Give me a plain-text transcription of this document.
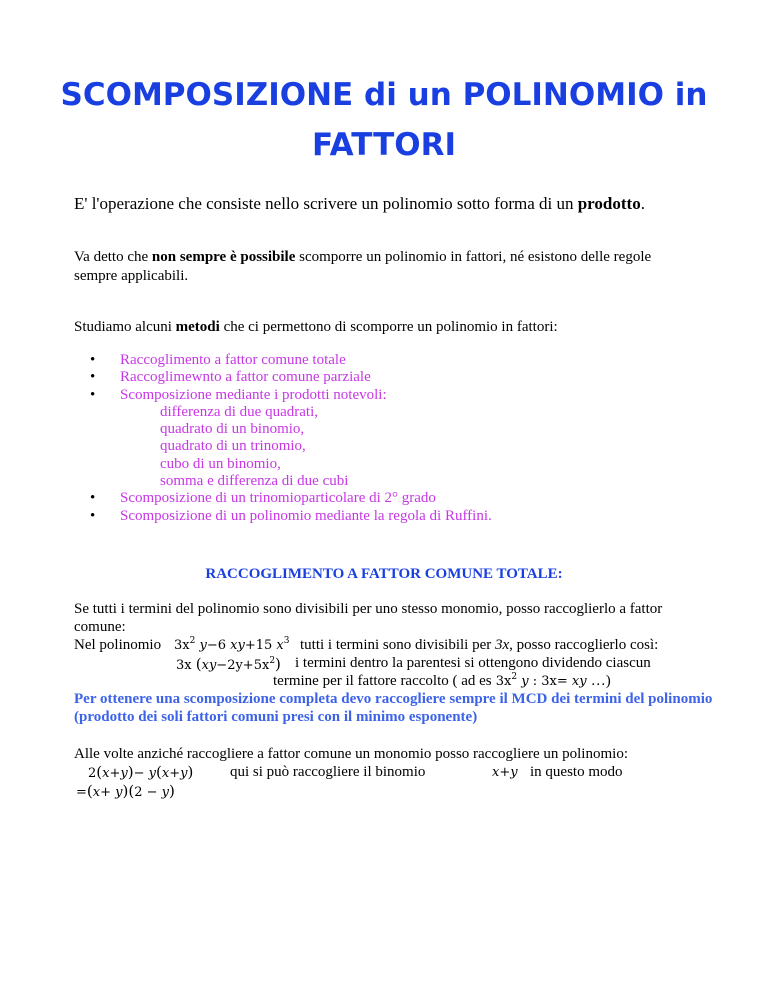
SCOMPOSIZIONE di un POLINOMIO in
FATTORI
E' l'operazione che consiste nello scrivere un polinomio sotto forma di un prodotto.
Va detto che non sempre è possibile scomporre un polinomio in fattori, né esistono delle regole sempre applicabili.
Studiamo alcuni metodi che ci permettono di scomporre un polinomio in fattori:
• Raccoglimento a fattor comune totale
• Raccoglimewnto a fattor comune parziale
• Scomposizione mediante i prodotti notevoli:
differenza di due quadrati,
quadrato di un binomio,
quadrato di un trinomio,
cubo di un binomio,
somma e differenza di due cubi
• Scomposizione di un trinomioparticolare di 2° grado
• Scomposizione di un polinomio mediante la regola di Ruffini.
RACCOGLIMENTO A FATTOR COMUNE TOTALE:
Se tutti i termini del polinomio sono divisibili per uno stesso monomio, posso raccoglierlo a fattor
comune:
Nel polinomio $3x^2$ y−6 xy+15 $x^3$ tutti i termini sono divisibili per 3x, posso raccoglierlo così:
3x $(xy-2y+5x^2)$ i termini dentro la parentesi si ottengono dividendo ciascun
termine per il fattore raccolto ( ad es $3x^2$ y : 3x= xy …)
Per ottenere una scomposizione completa devo raccogliere sempre il MCD dei termini del polinomio (prodotto dei soli fattori comuni presi con il minimo esponente)
Alle volte anziché raccogliere a fattor comune un monomio posso raccogliere un polinomio:
2(x+y)− y(x+y) qui si può raccogliere il binomio	x+y in questo modo
=(x+ y)(2 − y)
